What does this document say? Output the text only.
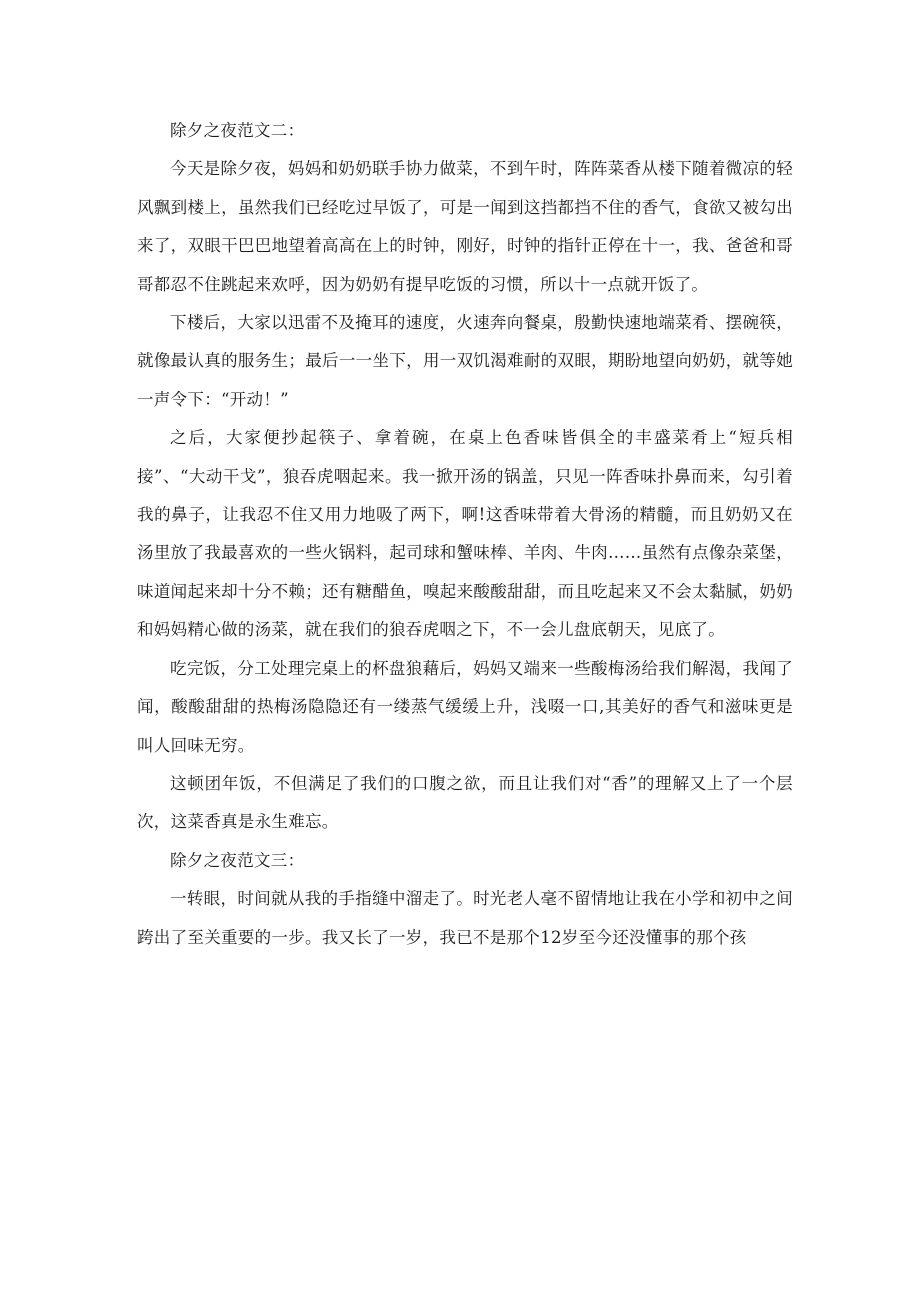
除夕之夜范文二：

今天是除夕夜，妈妈和奶奶联手协力做菜，不到午时，阵阵菜香从楼下随着微凉的轻风飘到楼上，虽然我们已经吃过早饭了，可是一闻到这挡都挡不住的香气，食欲又被勾出来了，双眼干巴巴地望着高高在上的时钟，刚好，时钟的指针正停在十一，我、爸爸和哥哥都忍不住跳起来欢呼，因为奶奶有提早吃饭的习惯，所以十一点就开饭了。

下楼后，大家以迅雷不及掩耳的速度，火速奔向餐桌，殷勤快速地端菜肴、摆碗筷，就像最认真的服务生；最后一一坐下，用一双饥渴难耐的双眼，期盼地望向奶奶，就等她一声令下：“开动！”

之后，大家便抄起筷子、拿着碗，在桌上色香味皆俱全的丰盛菜肴上“短兵相接”、“大动干戈”，狼吞虎咽起来。我一掀开汤的锅盖，只见一阵香味扑鼻而来，勾引着我的鼻子，让我忍不住又用力地吸了两下，啊!这香味带着大骨汤的精髓，而且奶奶又在汤里放了我最喜欢的一些火锅料，起司球和蟹味棒、羊肉、牛肉……虽然有点像杂菜堡，味道闻起来却十分不赖；还有糖醋鱼，嗅起来酸酸甜甜，而且吃起来又不会太黏腻，奶奶和妈妈精心做的汤菜，就在我们的狼吞虎咽之下，不一会儿盘底朝天，见底了。

吃完饭，分工处理完桌上的杯盘狼藉后，妈妈又端来一些酸梅汤给我们解渴，我闻了闻，酸酸甜甜的热梅汤隐隐还有一缕蒸气缓缓上升，浅啜一口,其美好的香气和滋味更是叫人回味无穷。

这顿团年饭，不但满足了我们的口腹之欲，而且让我们对“香”的理解又上了一个层次，这菜香真是永生难忘。

除夕之夜范文三：

一转眼，时间就从我的手指缝中溜走了。时光老人毫不留情地让我在小学和初中之间跨出了至关重要的一步。我又长了一岁，我已不是那个12岁至今还没懂事的那个孩
